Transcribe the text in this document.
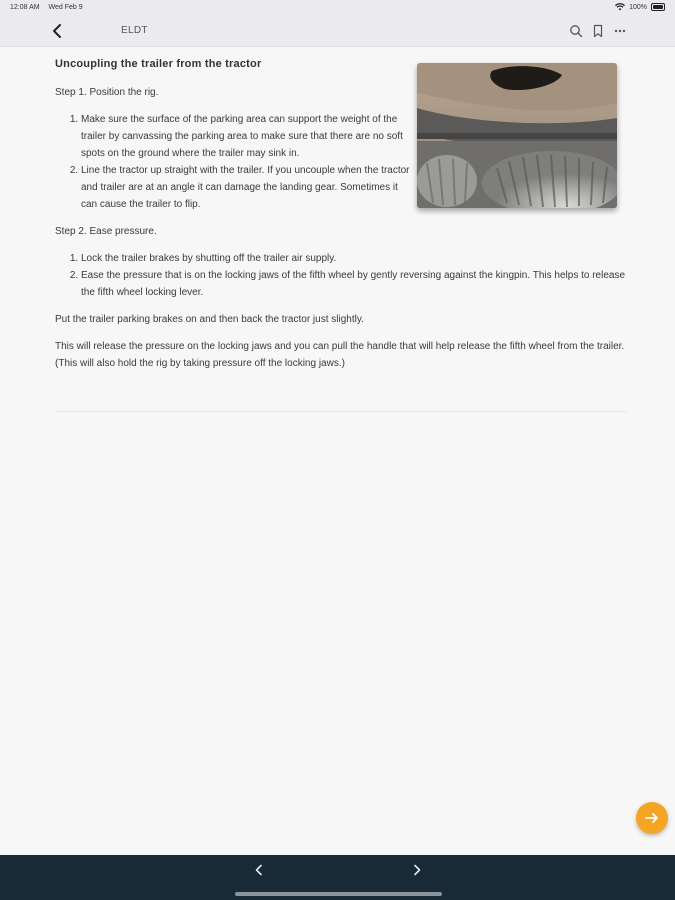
12:08 AM Wed Feb 9	100%
ELDT
Uncoupling the trailer from the tractor

Step 1. Position the rig.

1. Make sure the surface of the parking area can support the weight of the trailer by canvassing the parking area to make sure that there are no soft spots on the ground where the trailer may sink in.
2. Line the tractor up straight with the trailer. If you uncouple when the tractor and trailer are at an angle it can damage the landing gear. Sometimes it can cause the trailer to flip.

Step 2. Ease pressure.

1. Lock the trailer brakes by shutting off the trailer air supply.
2. Ease the pressure that is on the locking jaws of the fifth wheel by gently reversing against the kingpin. This helps to release the fifth wheel locking lever.

Put the trailer parking brakes on and then back the tractor just slightly.

This will release the pressure on the locking jaws and you can pull the handle that will help release the fifth wheel from the trailer. (This will also hold the rig by taking pressure off the locking jaws.)
